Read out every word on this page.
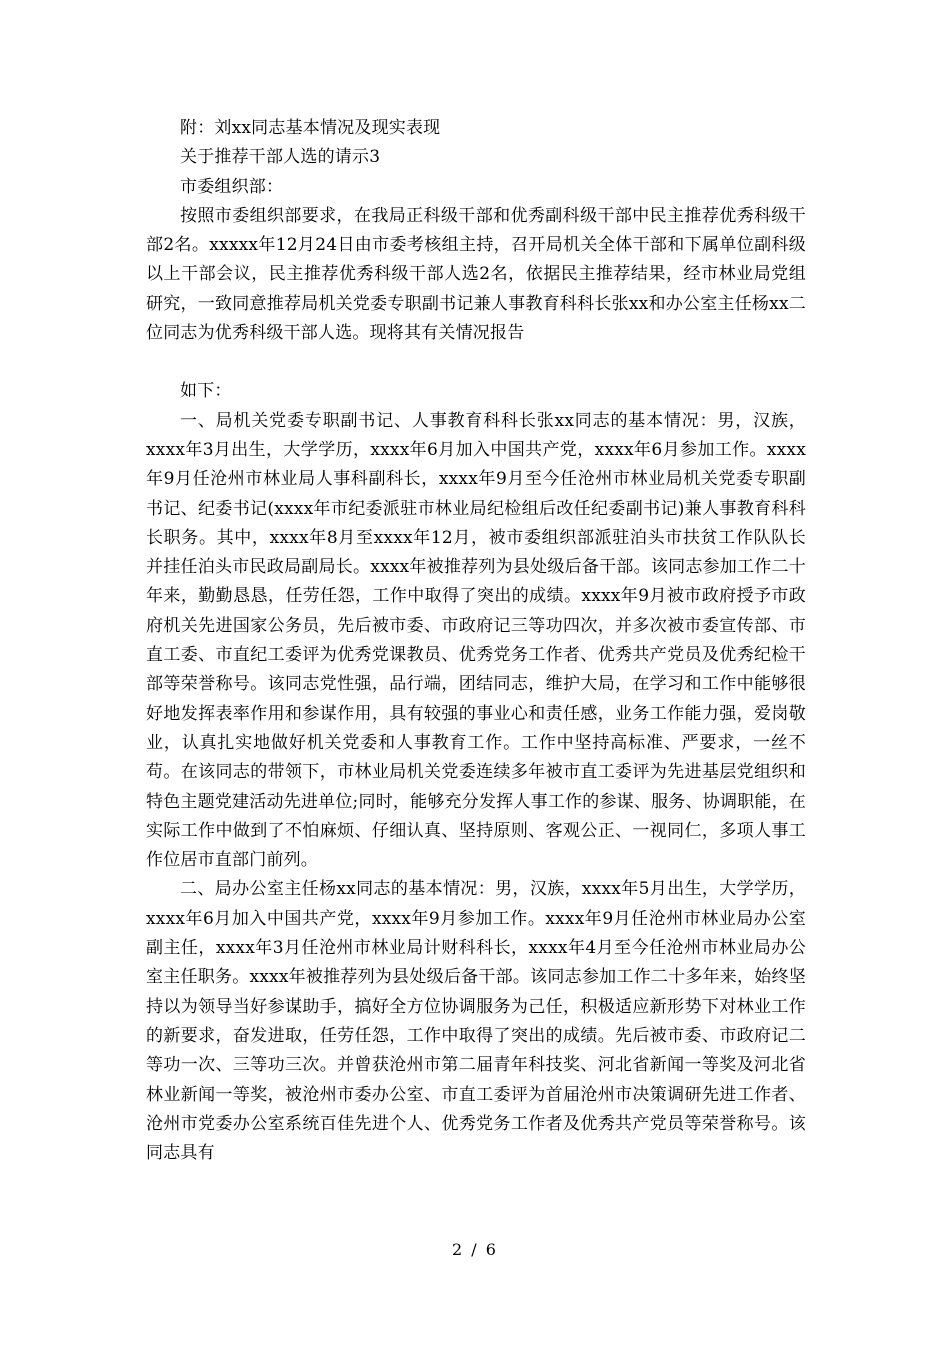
附：刘xx同志基本情况及现实表现

关于推荐干部人选的请示3

市委组织部：

按照市委组织部要求，在我局正科级干部和优秀副科级干部中民主推荐优秀科级干部2名。xxxxx年12月24日由市委考核组主持，召开局机关全体干部和下属单位副科级以上干部会议，民主推荐优秀科级干部人选2名，依据民主推荐结果，经市林业局党组研究，一致同意推荐局机关党委专职副书记兼人事教育科科长张xx和办公室主任杨xx二位同志为优秀科级干部人选。现将其有关情况报告

如下：

一、局机关党委专职副书记、人事教育科科长张xx同志的基本情况：男，汉族，xxxx年3月出生，大学学历，xxxx年6月加入中国共产党，xxxx年6月参加工作。xxxx年9月任沧州市林业局人事科副科长，xxxx年9月至今任沧州市林业局机关党委专职副书记、纪委书记(xxxx年市纪委派驻市林业局纪检组后改任纪委副书记)兼人事教育科科长职务。其中，xxxx年8月至xxxx年12月，被市委组织部派驻泊头市扶贫工作队队长并挂任泊头市民政局副局长。xxxx年被推荐列为县处级后备干部。该同志参加工作二十年来，勤勤恳恳，任劳任怨，工作中取得了突出的成绩。xxxx年9月被市政府授予市政府机关先进国家公务员，先后被市委、市政府记三等功四次，并多次被市委宣传部、市直工委、市直纪工委评为优秀党课教员、优秀党务工作者、优秀共产党员及优秀纪检干部等荣誉称号。该同志党性强，品行端，团结同志，维护大局，在学习和工作中能够很好地发挥表率作用和参谋作用，具有较强的事业心和责任感，业务工作能力强，爱岗敬业，认真扎实地做好机关党委和人事教育工作。工作中坚持高标准、严要求，一丝不苟。在该同志的带领下，市林业局机关党委连续多年被市直工委评为先进基层党组织和特色主题党建活动先进单位;同时，能够充分发挥人事工作的参谋、服务、协调职能，在实际工作中做到了不怕麻烦、仔细认真、坚持原则、客观公正、一视同仁，多项人事工作位居市直部门前列。

二、局办公室主任杨xx同志的基本情况：男，汉族，xxxx年5月出生，大学学历，xxxx年6月加入中国共产党，xxxx年9月参加工作。xxxx年9月任沧州市林业局办公室副主任，xxxx年3月任沧州市林业局计财科科长，xxxx年4月至今任沧州市林业局办公室主任职务。xxxx年被推荐列为县处级后备干部。该同志参加工作二十多年来，始终坚持以为领导当好参谋助手，搞好全方位协调服务为己任，积极适应新形势下对林业工作的新要求，奋发进取，任劳任怨，工作中取得了突出的成绩。先后被市委、市政府记二等功一次、三等功三次。并曾获沧州市第二届青年科技奖、河北省新闻一等奖及河北省林业新闻一等奖，被沧州市委办公室、市直工委评为首届沧州市决策调研先进工作者、沧州市党委办公室系统百佳先进个人、优秀党务工作者及优秀共产党员等荣誉称号。该同志具有

2 / 6
